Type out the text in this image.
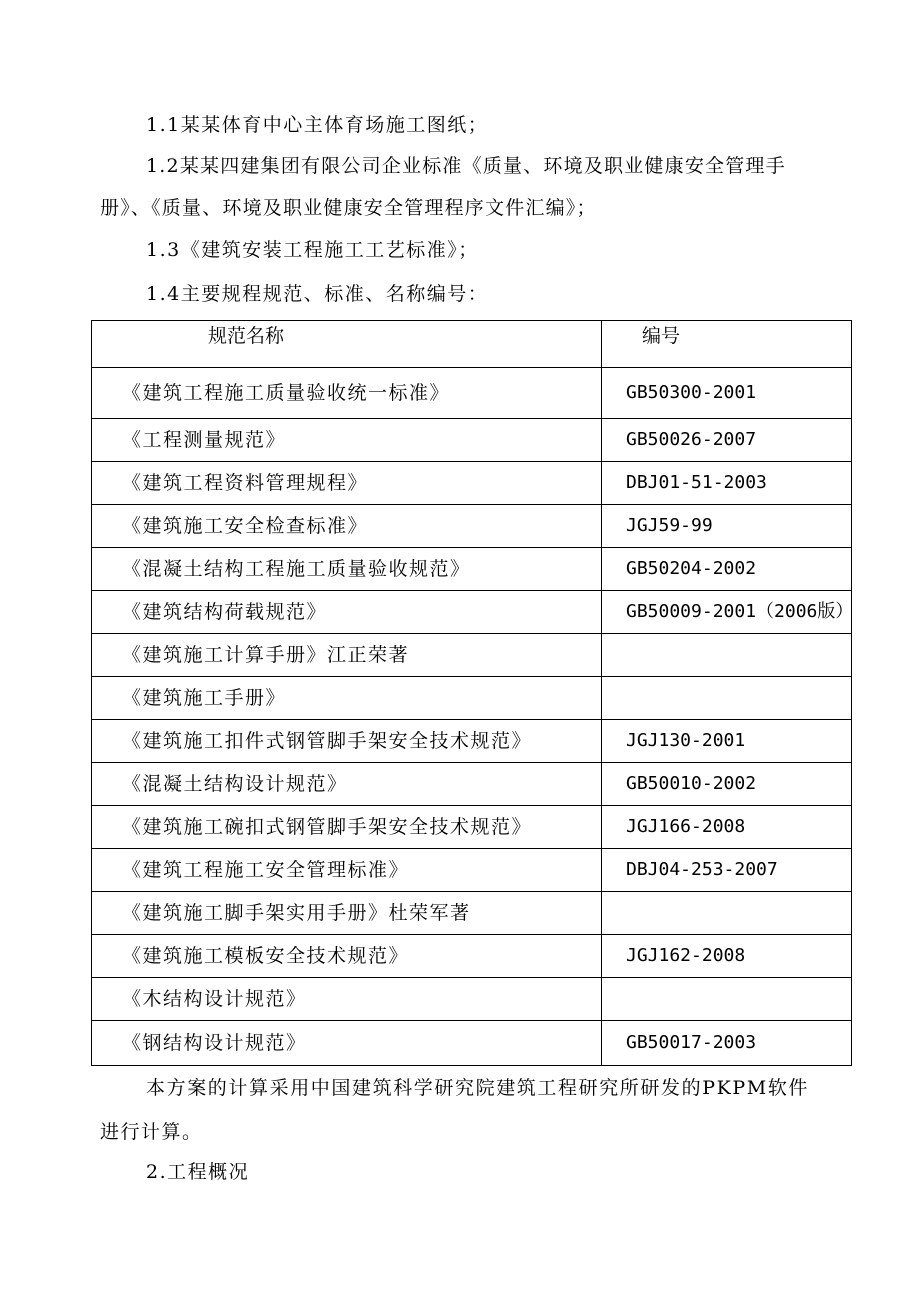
1.1某某体育中心主体育场施工图纸；

1.2某某四建集团有限公司企业标准《质量、环境及职业健康安全管理手

册》、《质量、环境及职业健康安全管理程序文件汇编》；

1.3《建筑安装工程施工工艺标准》；

1.4主要规程规范、标准、名称编号：

规范名称	编号
《建筑工程施工质量验收统一标准》	GB50300-2001
《工程测量规范》	GB50026-2007
《建筑工程资料管理规程》	DBJ01-51-2003
《建筑施工安全检查标准》	JGJ59-99
《混凝土结构工程施工质量验收规范》	GB50204-2002
《建筑结构荷载规范》	GB50009-2001（2006版）
《建筑施工计算手册》江正荣著	
《建筑施工手册》	
《建筑施工扣件式钢管脚手架安全技术规范》	JGJ130-2001
《混凝土结构设计规范》	GB50010-2002
《建筑施工碗扣式钢管脚手架安全技术规范》	JGJ166-2008
《建筑工程施工安全管理标准》	DBJ04-253-2007
《建筑施工脚手架实用手册》杜荣军著	
《建筑施工模板安全技术规范》	JGJ162-2008
《木结构设计规范》	
《钢结构设计规范》	GB50017-2003

本方案的计算采用中国建筑科学研究院建筑工程研究所研发的PKPM软件

进行计算。

2.工程概况
